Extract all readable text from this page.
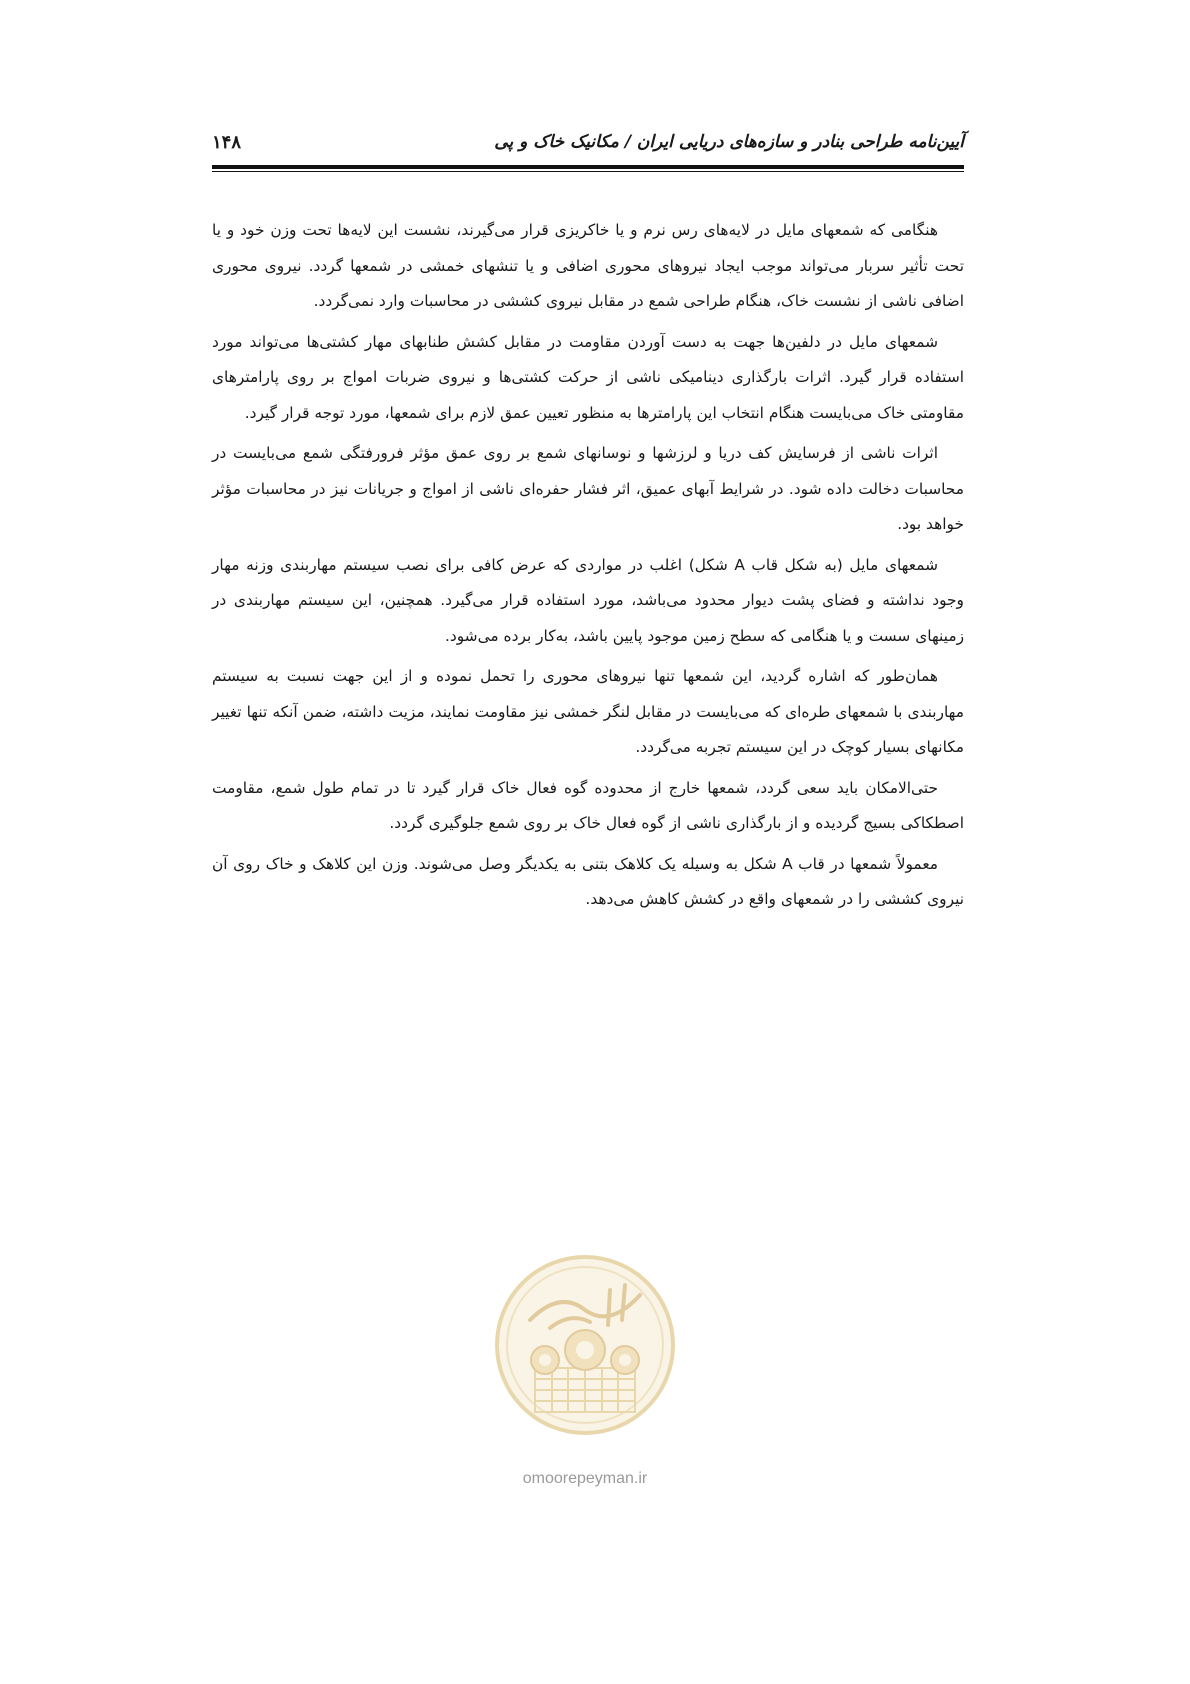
آیین‌نامه طراحی بنادر و سازه‌های دریایی ایران / مکانیک خاک و پی
۱۴۸

هنگامی که شمعهای مایل در لایه‌های رس نرم و یا خاکریزی قرار می‌گیرند، نشست این لایه‌ها تحت وزن خود و یا تحت تأثیر سربار می‌تواند موجب ایجاد نیروهای محوری اضافی و یا تنشهای خمشی در شمعها گردد. نیروی محوری اضافی ناشی از نشست خاک، هنگام طراحی شمع در مقابل نیروی کششی در محاسبات وارد نمی‌گردد.

شمعهای مایل در دلفین‌ها جهت به دست آوردن مقاومت در مقابل کشش طنابهای مهار کشتی‌ها می‌تواند مورد استفاده قرار گیرد. اثرات بارگذاری دینامیکی ناشی از حرکت کشتی‌ها و نیروی ضربات امواج بر روی پارامترهای مقاومتی خاک می‌بایست هنگام انتخاب این پارامترها به منظور تعیین عمق لازم برای شمعها، مورد توجه قرار گیرد.

اثرات ناشی از فرسایش کف دریا و لرزشها و نوسانهای شمع بر روی عمق مؤثر فرورفتگی شمع می‌بایست در محاسبات دخالت داده شود. در شرایط آبهای عمیق، اثر فشار حفره‌ای ناشی از امواج و جریانات نیز در محاسبات مؤثر خواهد بود.

شمعهای مایل (به شکل قاب A شکل) اغلب در مواردی که عرض کافی برای نصب سیستم مهاربندی وزنه مهار وجود نداشته و فضای پشت دیوار محدود می‌باشد، مورد استفاده قرار می‌گیرد. همچنین، این سیستم مهاربندی در زمینهای سست و یا هنگامی که سطح زمین موجود پایین باشد، به‌کار برده می‌شود.

همان‌طور که اشاره گردید، این شمعها تنها نیروهای محوری را تحمل نموده و از این جهت نسبت به سیستم مهاربندی با شمعهای طره‌ای که می‌بایست در مقابل لنگر خمشی نیز مقاومت نمایند، مزیت داشته، ضمن آنکه تنها تغییر مکانهای بسیار کوچک در این سیستم تجربه می‌گردد.

حتی‌الامکان باید سعی گردد، شمعها خارج از محدوده گوه فعال خاک قرار گیرد تا در تمام طول شمع، مقاومت اصطکاکی بسیج گردیده و از بارگذاری ناشی از گوه فعال خاک بر روی شمع جلوگیری گردد.

معمولاً شمعها در قاب A شکل به وسیله یک کلاهک بتنی به یکدیگر وصل می‌شوند. وزن این کلاهک و خاک روی آن نیروی کششی را در شمعهای واقع در کشش کاهش می‌دهد.

omoorepeyman.ir
